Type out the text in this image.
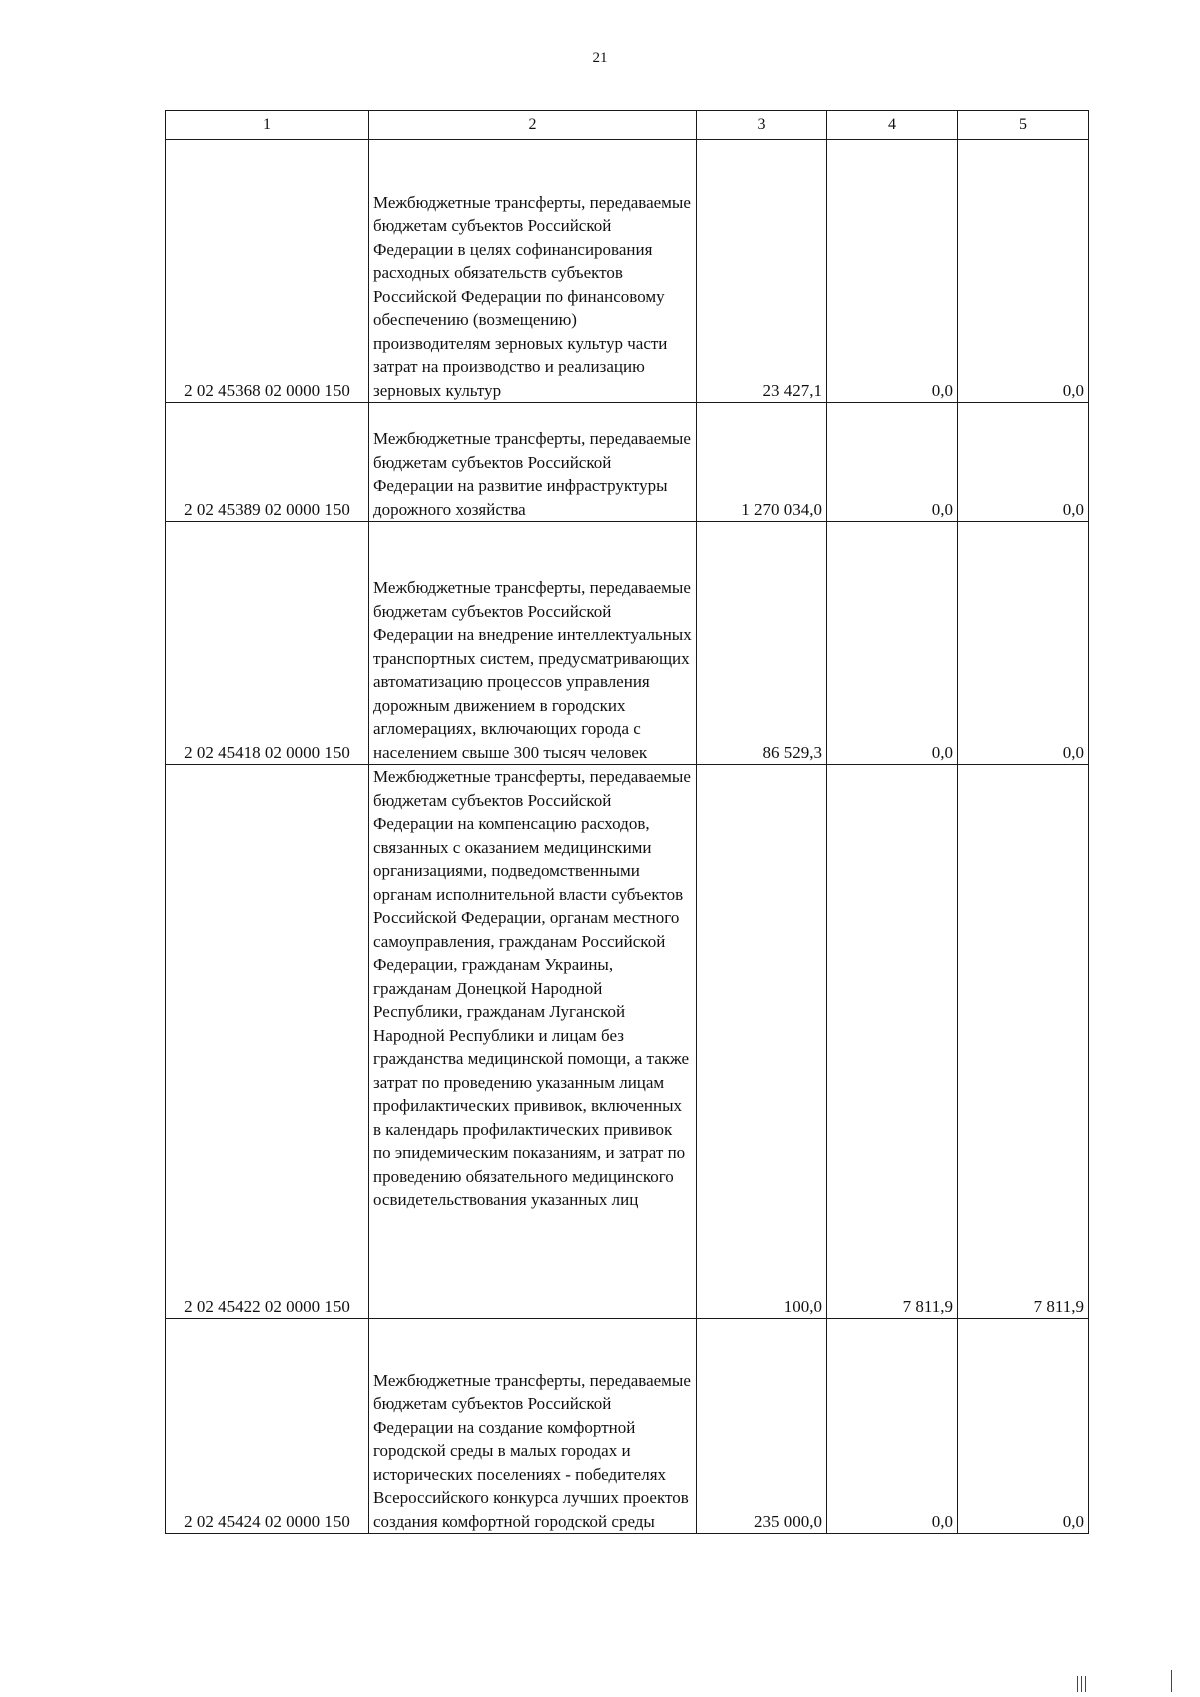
21
1	2	3	4	5
2 02 45368 02 0000 150	Межбюджетные трансферты, передаваемые бюджетам субъектов Российской Федерации в целях софинансирования расходных обязательств субъектов Российской Федерации по финансовому обеспечению (возмещению) производителям зерновых культур части затрат на производство и реализацию зерновых культур	23 427,1	0,0	0,0
2 02 45389 02 0000 150	Межбюджетные трансферты, передаваемые бюджетам субъектов Российской Федерации на развитие инфраструктуры дорожного хозяйства	1 270 034,0	0,0	0,0
2 02 45418 02 0000 150	Межбюджетные трансферты, передаваемые бюджетам субъектов Российской Федерации на внедрение интеллектуальных транспортных систем, предусматривающих автоматизацию процессов управления дорожным движением в городских агломерациях, включающих города с населением свыше 300 тысяч человек	86 529,3	0,0	0,0
2 02 45422 02 0000 150	Межбюджетные трансферты, передаваемые бюджетам субъектов Российской Федерации на компенсацию расходов, связанных с оказанием медицинскими организациями, подведомственными органам исполнительной власти субъектов Российской Федерации, органам местного самоуправления, гражданам Российской Федерации, гражданам Украины, гражданам Донецкой Народной Республики, гражданам Луганской Народной Республики и лицам без гражданства медицинской помощи, а также затрат по проведению указанным лицам профилактических прививок, включенных в календарь профилактических прививок по эпидемическим показаниям, и затрат по проведению обязательного медицинского освидетельствования указанных лиц	100,0	7 811,9	7 811,9
2 02 45424 02 0000 150	Межбюджетные трансферты, передаваемые бюджетам субъектов Российской Федерации на создание комфортной городской среды в малых городах и исторических поселениях - победителях Всероссийского конкурса лучших проектов создания комфортной городской среды	235 000,0	0,0	0,0
